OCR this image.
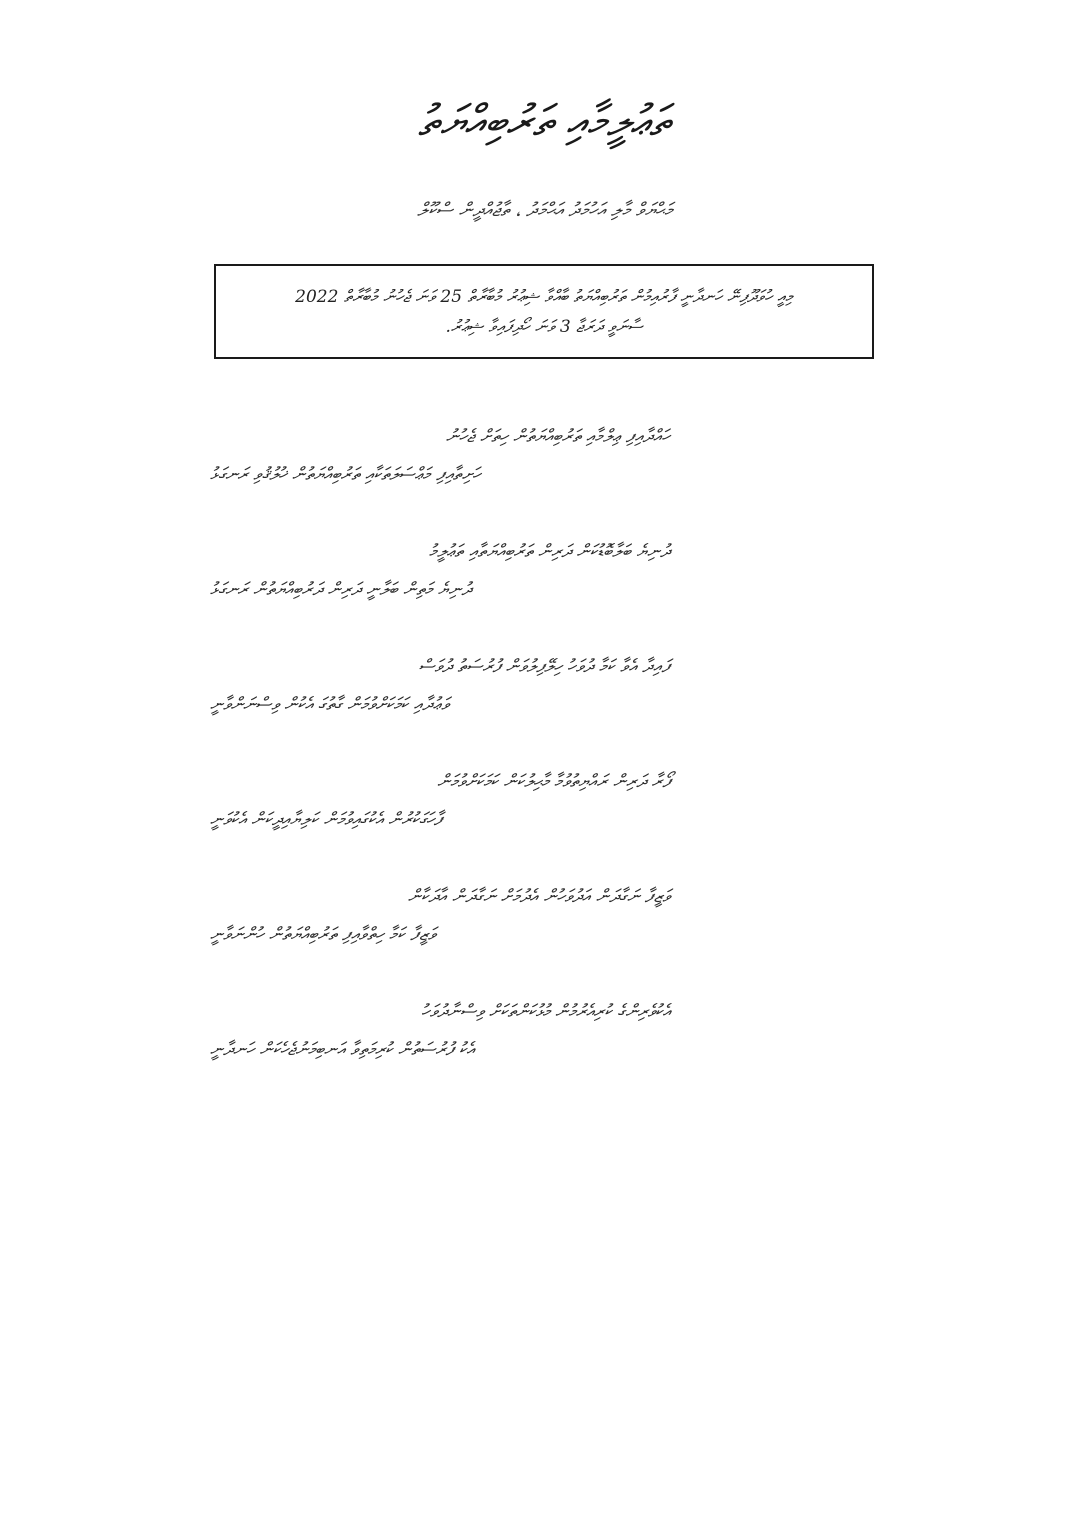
ތަޢުލީމާއި ތަރުބިއްޔަތު
މަޙްޔަވް މާލި އަހުމަދު އަޙްމަދު ، ތާޖުއްދީން ސްކޫލް
މިއީ ހުވަދޫފިނޭ ހަނދާނީ ފާރުއިމުން ތަރުބިއްޔަތު ބާއްވާ ޝިޢުރު މުބާރާތް 25 ވަނަ ޖެހުނު މުބާރާތް 2022
ސާނަވީ ދަރަޖާ 3 ވަނަ ހޯދިފައިވާ ޝިޢުރު.
ހައްދާއިފި ޢިލްމާއި ތަރުބިއްޔަތުން ހިތަށް ޖެހުނު
ހަށިތާއިފި މަޢްސަލަތަކާއި ތަރުބިއްޔަތުން ޚުލުޤުވި ރަނގަޅު
ދުނިޔެ ބަލާބޮޑުކަން ދަރިން ތަރުބިއްޔަތާއި ތަޢުލީމު
ދުނިޔެ މަތިން ބަލާނީ ދަރިން ދަރުބިއްޔަތުން ރަނގަޅު
ފައިދާ އެވާ ކަމާ ދުވަހު ހިލޭފިލުވަން ފުރުސަތު ދުވަސް
ވަޢުދާއި ކަމަކަށްވުމަން ގާތުގަ އެކުން ވިސްނަންވާނީ
ފޯރާ ދަރިން ރައްޔިތުވުމާ މާޙިލުކަން ކަމަކަށްވުމަން
ފާހަގަކުރުން އެކުގައިވުމަން ކަލިޔާއިދީކަން އެކުވަނީ
ވަޒީފާ ނަގާދަން އަދުވަހުން އެދުމަށް ނަގާދަން އާދަކާން
ވަޒީފާ ކަމާ ހިތްވާއިފި ތަރުބިއްޔަތުން ހުންނަވާނީ
އެކުވެރިންގެ ކުރިއެރުމުން މުޅުކަންތަކަށް ވިސްނާދުވަހު
އެކު ފުރުސަތުން ކުރިމަތިވާ އަނބިމަނުޖެހެކަން ހަނދާނީ
